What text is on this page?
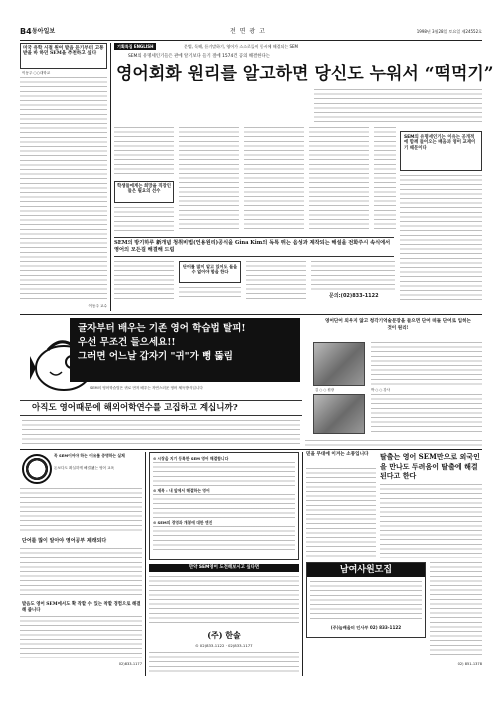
B4 동아일보	전 면 광 고	1998년 3월28일 토요일 제24552호
미국 유학 시절 원어 발음 듣기부터 고통받을 바 하던 SEM을 추천하고 싶다
이동주 ○○대학교
이동주 교수
기획특집 ENGLISH	문법, 독해, 듣기말하기, 영어가 스스로들이 동시에 해결되는 SEM
SEM의 유명세인기들은 관에 알기보다 들기 절에 1574건 공의 해결한다는
영어회화 원리를 알고하면 당신도 누워서 “떡먹기”
학생들에게는 희망을 직장인들은 필요의 선수
SEM의 유명세인기는 이유는 공개적에 함께 들어오는 배움과 영어 교재이기 때문이다
SEM의 방기하루 新개념 청취비법(언용원리)공식을 Gina Kim의 독특 뛰는 음성과 제작되는 해설을 전화주시 속식에서 영어의 모든걸 해결해 드림
단어를 많이 알고 있어도 들을 수 없어야 합을 한다
문의:(02)833-1122
글자부터 배우는 기존 영어 학습법 탈피!
우선 무조건 들으세요!!
그러면 어느날 갑자기 "귀"가 뻥 뚫림
SEM의 영어학습법은 귀로 먼저 배우는 자연스러운 영어 체득방식입니다
영어단어 외우지 않고 청각기억술문장을 들으면 단어 떠돌 단어로 입히는 것이 원리!
김 ○ ○ 원장	박 ○ ○ 강사
아직도 영어때문에 해외어학연수를 고집하고 계십니까?
꼭 SEM이어야 하는 이유를 증명하는 실체
돈보다도 확실하게 해결됐는 영어 교육
단어를 많이 알아야 영어공부 제래되다
발음도 영어 SEM에서도 확 작할 수 있는 착할 경험으로 해결해 줍니다
02)833-1177
⊙ 시장을 지기 등록한 SEM 영어 해결합니다
⊙ 제목 : 내 앞에서 해결하는 영어
⊙ SEM의 경영과 개봉에 대한 엔진
만약 SEM영어 도전해보시고 싶다면
(주) 한솔
⊙ 02)833-1122 · 02)833-1177
믿을 무대에 이겨는 소통입니다	탈출는 영어 SEM만으로 외국인을 만나도 두려움이 탈출에 해결된다고 한다
남여사원모집
(주)늘배울터 인사부 02) 833-1122
02) 851-1378
